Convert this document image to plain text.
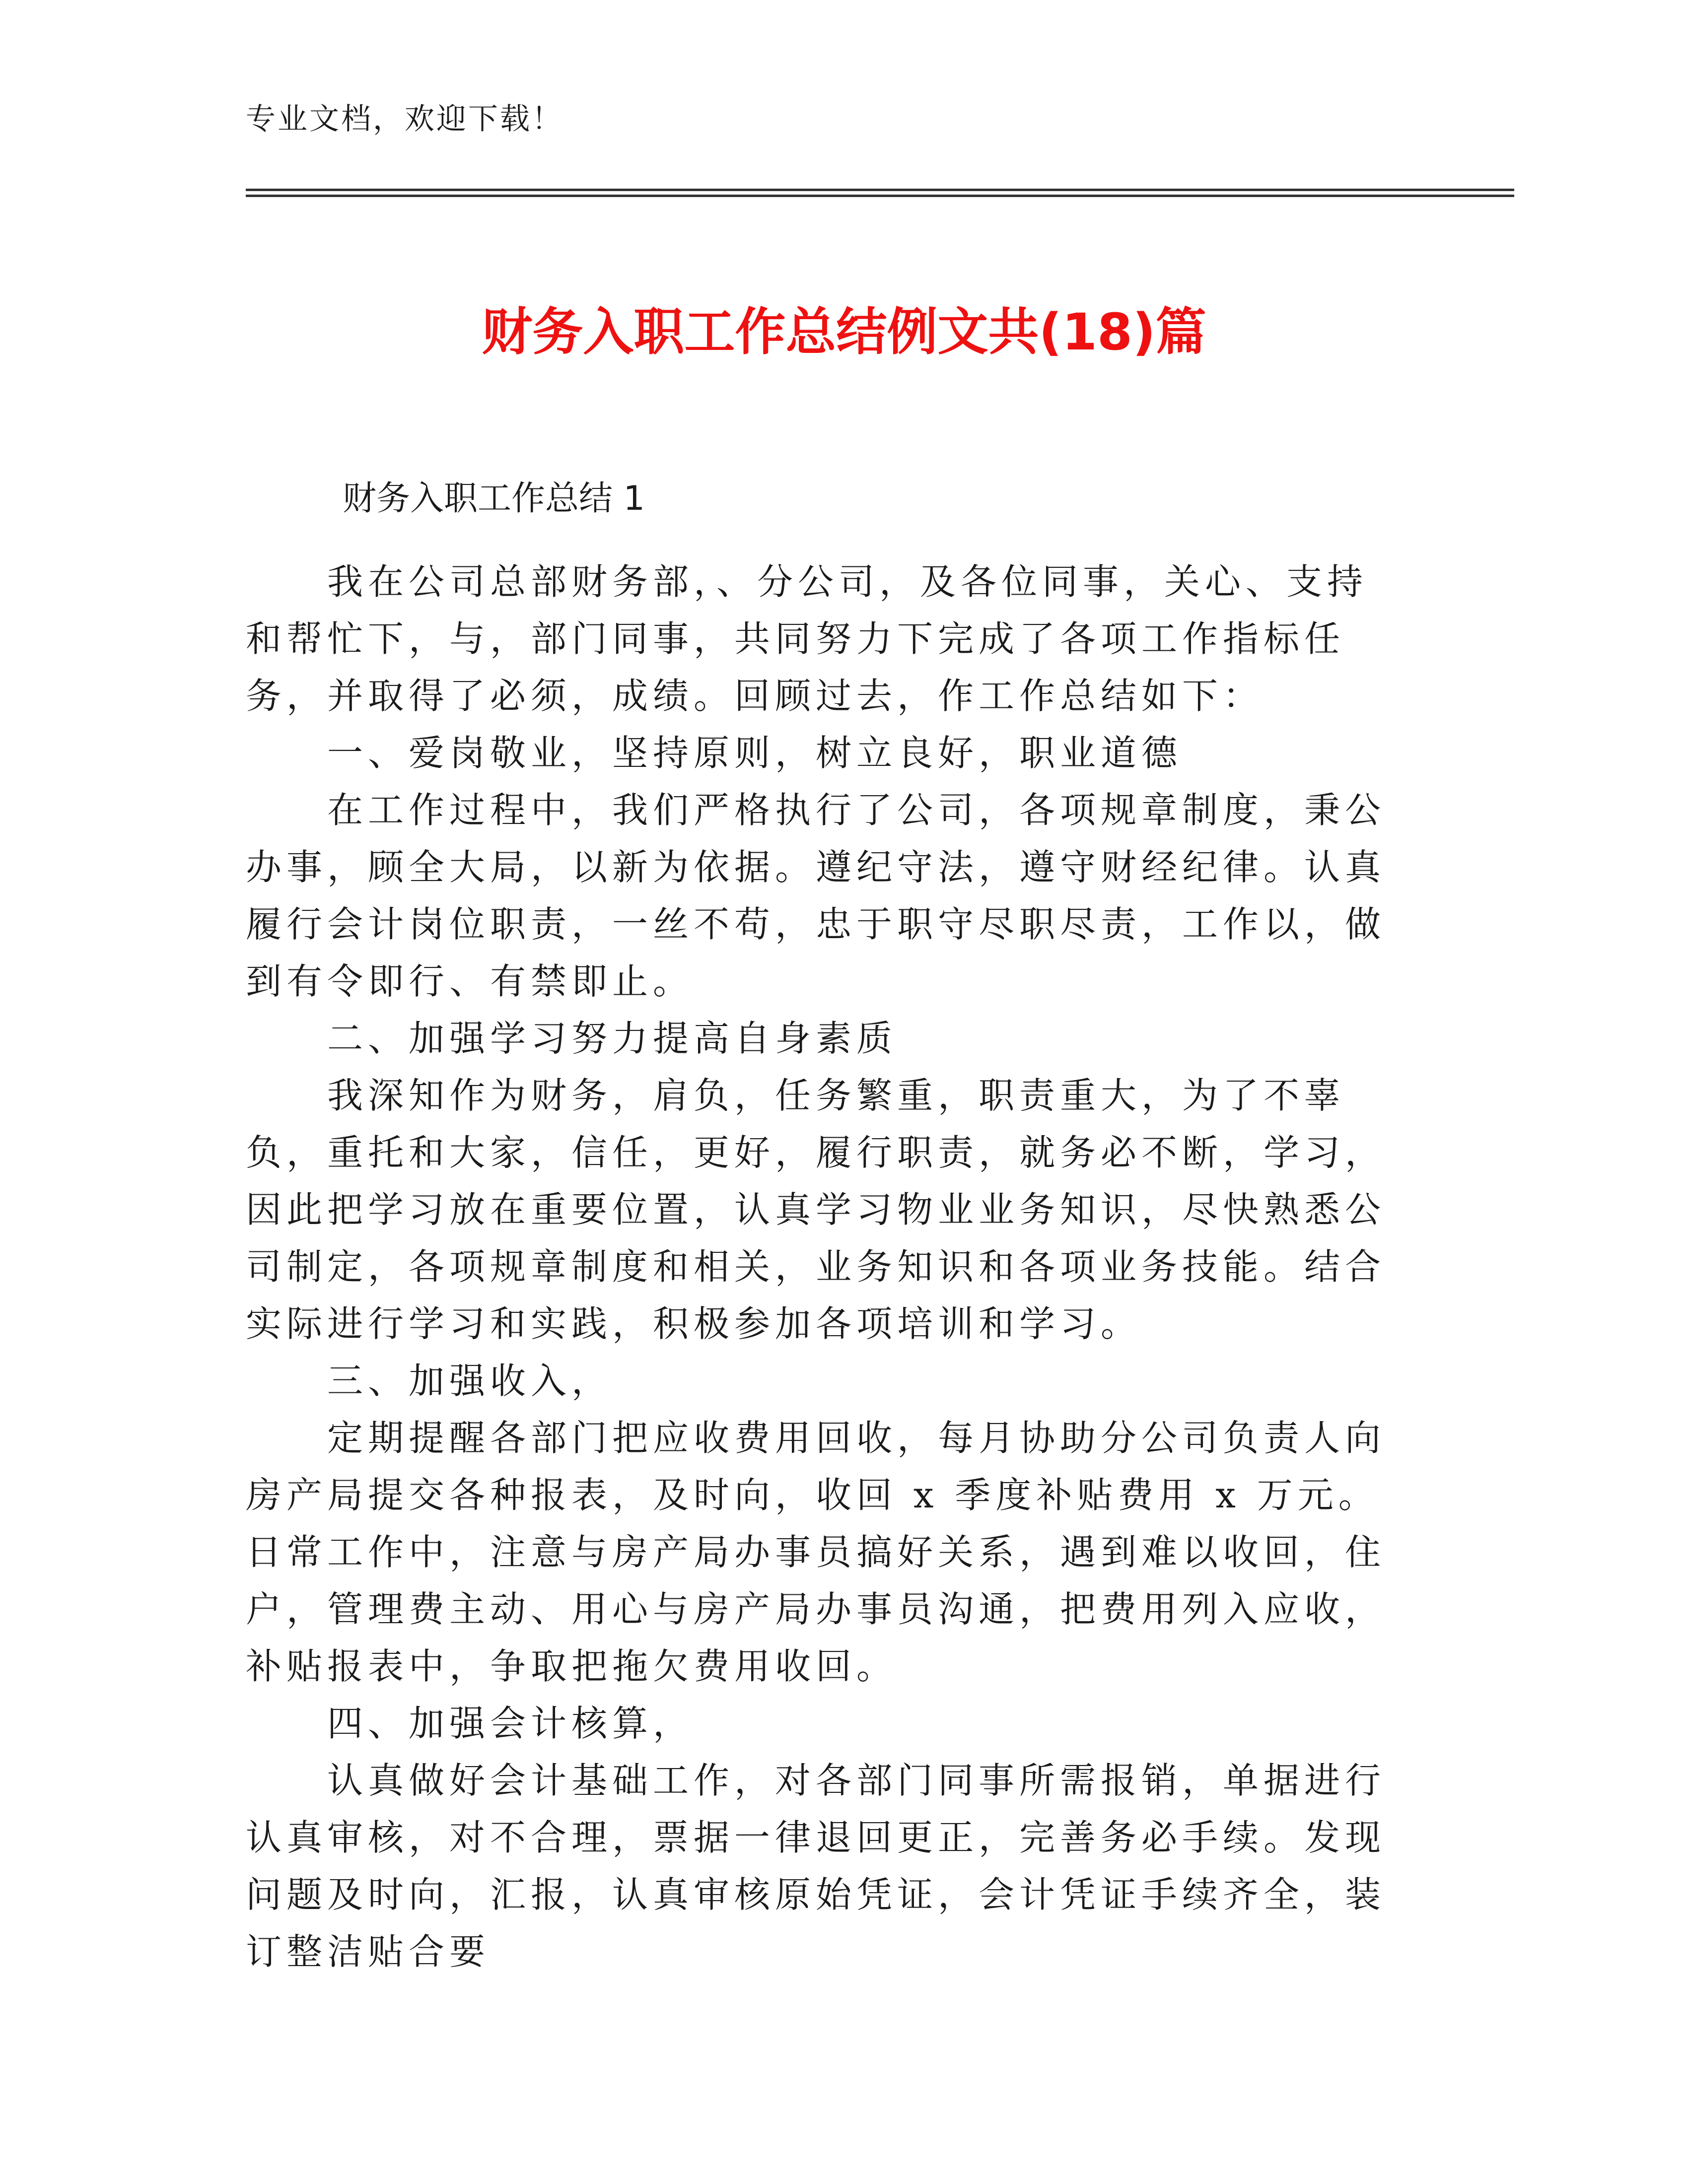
专业文档，欢迎下载！
财务入职工作总结例文共(18)篇
财务入职工作总结 1

我在公司总部财务部，、分公司，及各位同事，关心、支持和帮忙下，与，部门同事，共同努力下完成了各项工作指标任务，并取得了必须，成绩。回顾过去，作工作总结如下：

一、爱岗敬业，坚持原则，树立良好，职业道德

在工作过程中，我们严格执行了公司，各项规章制度，秉公办事，顾全大局，以新为依据。遵纪守法，遵守财经纪律。认真履行会计岗位职责，一丝不苟，忠于职守尽职尽责，工作以，做到有令即行、有禁即止。

二、加强学习努力提高自身素质

我深知作为财务，肩负，任务繁重，职责重大，为了不辜负，重托和大家，信任，更好，履行职责，就务必不断，学习，因此把学习放在重要位置，认真学习物业业务知识，尽快熟悉公司制定，各项规章制度和相关，业务知识和各项业务技能。结合实际进行学习和实践，积极参加各项培训和学习。

三、加强收入，

定期提醒各部门把应收费用回收，每月协助分公司负责人向房产局提交各种报表，及时向，收回 x 季度补贴费用 x 万元。日常工作中，注意与房产局办事员搞好关系，遇到难以收回，住户，管理费主动、用心与房产局办事员沟通，把费用列入应收，补贴报表中，争取把拖欠费用收回。

四、加强会计核算，

认真做好会计基础工作，对各部门同事所需报销，单据进行认真审核，对不合理，票据一律退回更正，完善务必手续。发现问题及时向，汇报，认真审核原始凭证，会计凭证手续齐全，装订整洁贴合要
